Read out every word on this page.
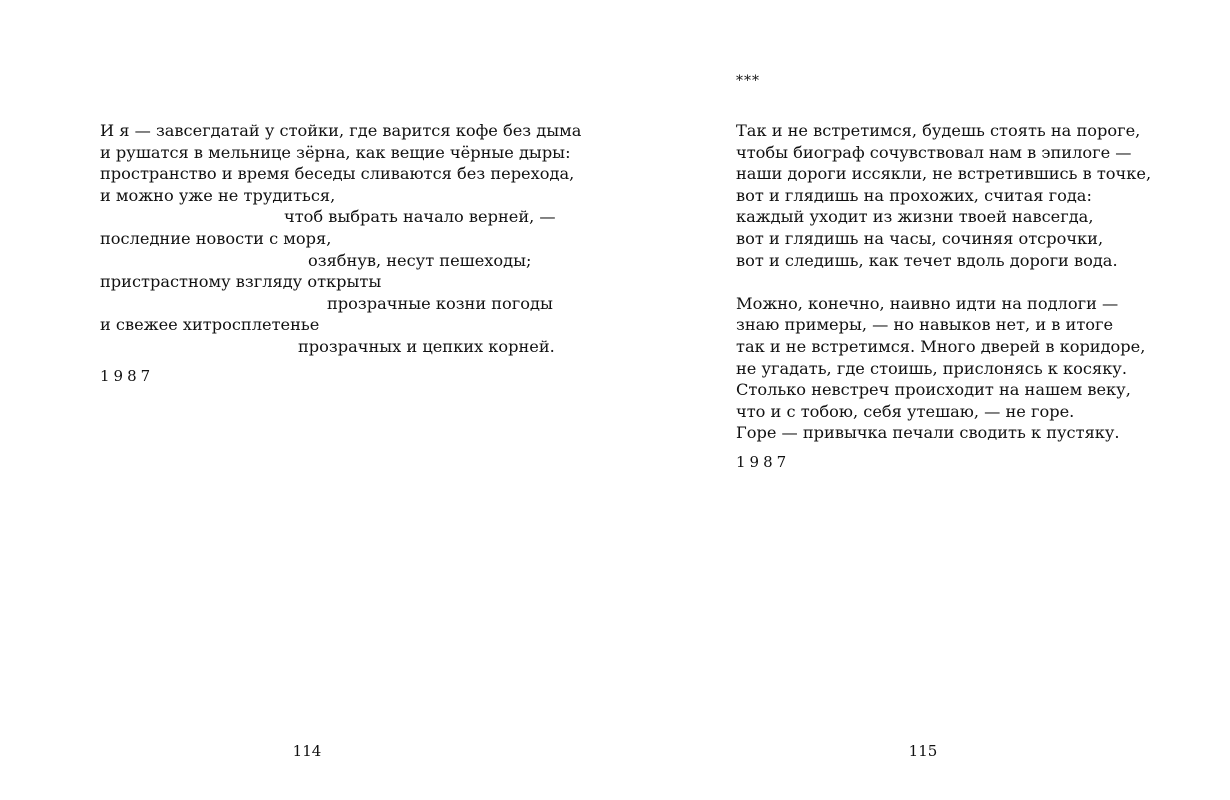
И я — завсегдатай у стойки, где варится кофе без дыма
и рушатся в мельнице зёрна, как вещие чёрные дыры:
пространство и время беседы сливаются без перехода,
и можно уже не трудиться,
чтоб выбрать начало верней, —
последние новости с моря,
озябнув, несут пешеходы;
пристрастному взгляду открыты
прозрачные козни погоды
и свежее хитросплетенье
прозрачных и цепких корней.
1987
114
***
Так и не встретимся, будешь стоять на пороге,
чтобы биограф сочувствовал нам в эпилоге —
наши дороги иссякли, не встретившись в точке,
вот и глядишь на прохожих, считая года:
каждый уходит из жизни твоей навсегда,
вот и глядишь на часы, сочиняя отсрочки,
вот и следишь, как течет вдоль дороги вода.
Можно, конечно, наивно идти на подлоги —
знаю примеры, — но навыков нет, и в итоге
так и не встретимся. Много дверей в коридоре,
не угадать, где стоишь, прислонясь к косяку.
Столько невстреч происходит на нашем веку,
что и с тобою, себя утешаю, — не горе.
Горе — привычка печали сводить к пустяку.
1987
115
